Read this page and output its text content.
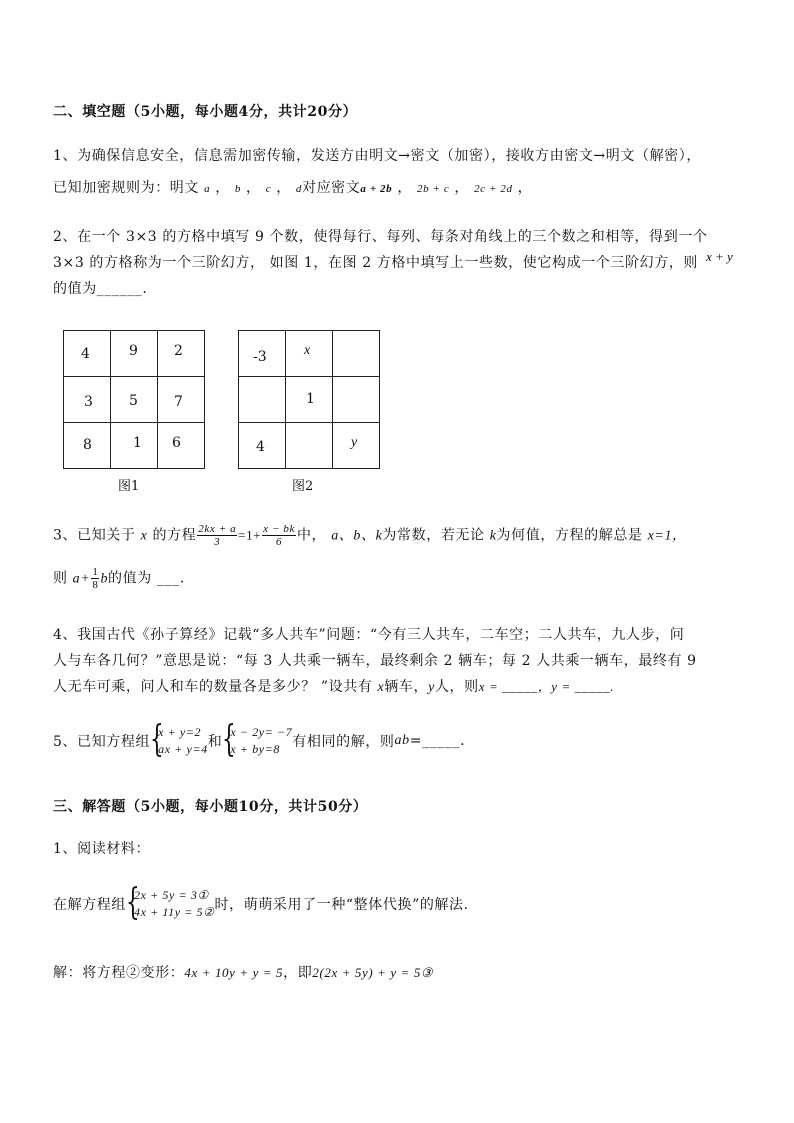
二、填空题（5小题，每小题4分，共计20分）
1、为确保信息安全，信息需加密传输，发送方由明文→密文（加密），接收方由密文→明文（解密），
已知加密规则为：明文 a ， b ， c ， d对应密文a + 2b ， 2b + c ， 2c + 2d ，
2、在一个 3×3 的方格中填写 9 个数，使得每行、每列、每条对角线上的三个数之和相等，得到一个
3×3 的方格称为一个三阶幻方， 如图 1，在图 2 方格中填写上一些数，使它构成一个三阶幻方，则 x + y
的值为______.
4	9	2

3	5	7

8	1	6
图1
-3	x	

	1	

4		y
图2
3、已知关于 x 的方程 $\frac{2kx + a}{3} =1+ \frac{x - bk}{6}$ 中， a、b、k为常数，若无论 k为何值，方程的解总是 x=1，
则 $a+ \frac{1}{8}$ b的值为 ___.
4、我国古代《孙子算经》记载“多人共车”问题：“今有三人共车，二车空；二人共车，九人步，问
人与车各几何？”意思是说：“每 3 人共乘一辆车，最终剩余 2 辆车；每 2 人共乘一辆车，最终有 9
人无车可乘，问人和车的数量各是多少？ ”设共有 x辆车，y人，则x = _____，y = _____.
5、已知方程组 {
x + y=2
ax + y=4 和 {
x − 2y= −7
x + by=8 有相同的解，则ab=_____.
三、解答题（5小题，每小题10分，共计50分）
1、阅读材料：
在解方程组 {
2x + 5y = 3①
4x + 11y = 5② 时，萌萌采用了一种“整体代换”的解法.
解：将方程②变形：4x + 10y + y = 5，即2(2x + 5y) + y = 5③
